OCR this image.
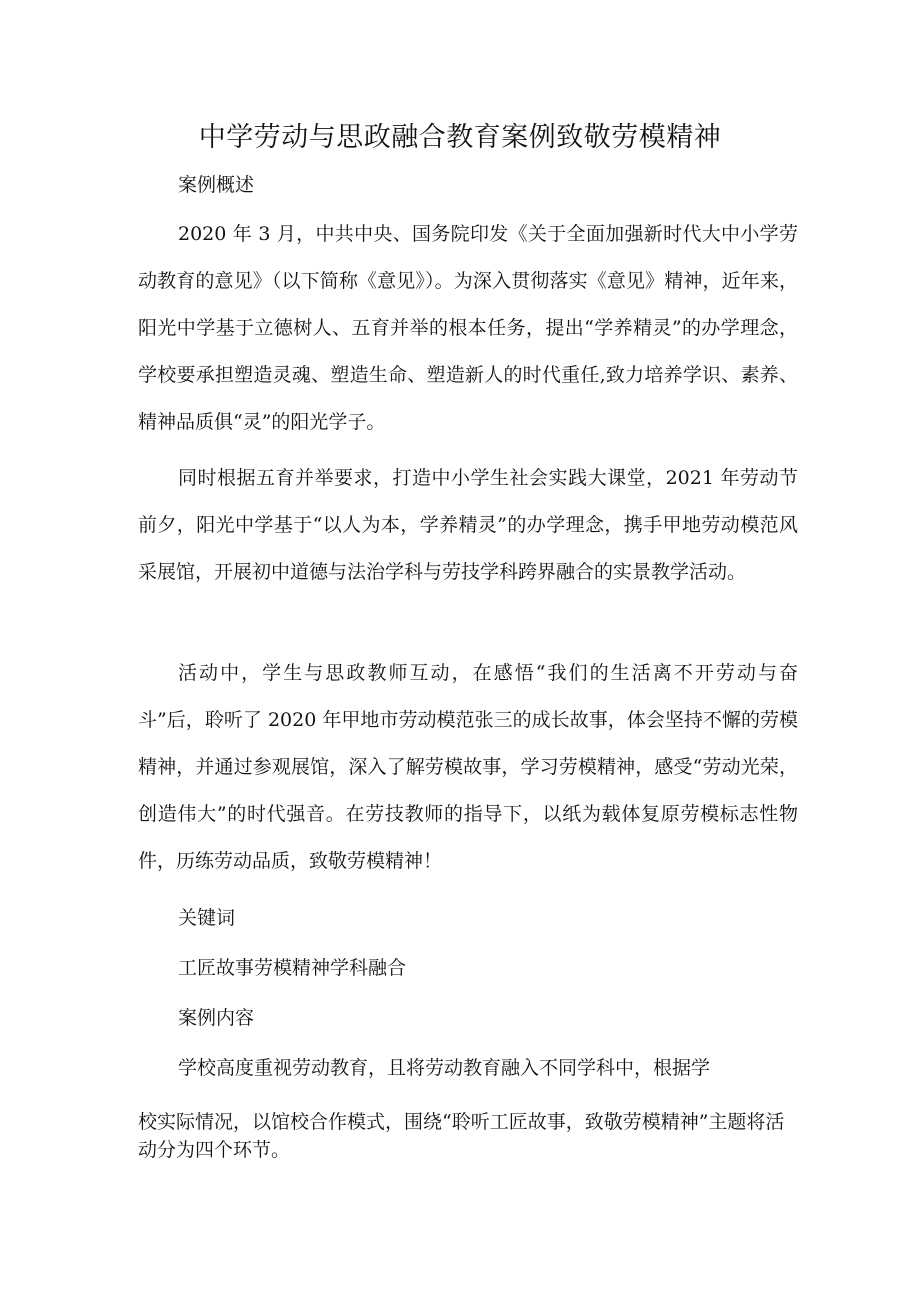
中学劳动与思政融合教育案例致敬劳模精神

案例概述

2020 年 3 月，中共中央、国务院印发《关于全面加强新时代大中小学劳动教育的意见》（以下简称《意见》）。为深入贯彻落实《意见》精神，近年来，阳光中学基于立德树人、五育并举的根本任务，提出“学养精灵”的办学理念，学校要承担塑造灵魂、塑造生命、塑造新人的时代重任,致力培养学识、素养、精神品质俱“灵”的阳光学子。

同时根据五育并举要求，打造中小学生社会实践大课堂，2021 年劳动节前夕，阳光中学基于“以人为本，学养精灵”的办学理念，携手甲地劳动模范风采展馆，开展初中道德与法治学科与劳技学科跨界融合的实景教学活动。

活动中，学生与思政教师互动，在感悟“我们的生活离不开劳动与奋斗”后，聆听了 2020 年甲地市劳动模范张三的成长故事，体会坚持不懈的劳模精神，并通过参观展馆，深入了解劳模故事，学习劳模精神，感受“劳动光荣，创造伟大”的时代强音。在劳技教师的指导下，以纸为载体复原劳模标志性物件，历练劳动品质，致敬劳模精神！

关键词

工匠故事劳模精神学科融合

案例内容

学校高度重视劳动教育，且将劳动教育融入不同学科中，根据学

校实际情况，以馆校合作模式，围绕“聆听工匠故事，致敬劳模精神”主题将活动分为四个环节。
